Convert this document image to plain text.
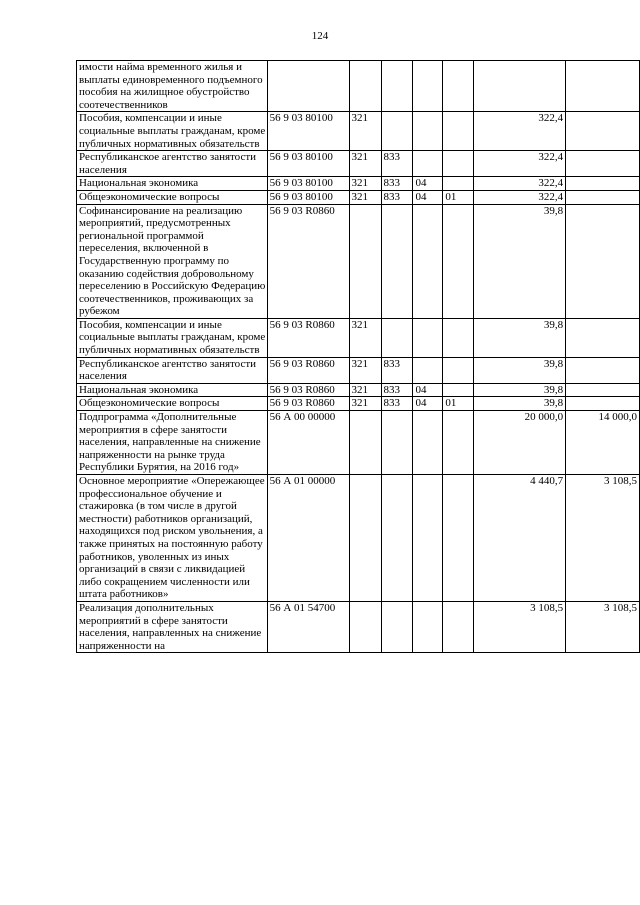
124
имости найма временного жилья и выплаты единовременного подъемного пособия на жилищное обустройство соотечественников							
Пособия, компенсации и иные социальные выплаты гражданам, кроме публичных нормативных обязательств	56 9 03 80100	321				322,4	
Республиканское агентство занятости населения	56 9 03 80100	321	833			322,4	
Национальная экономика	56 9 03 80100	321	833	04		322,4	
Общеэкономические вопросы	56 9 03 80100	321	833	04	01	322,4	
Софинансирование на реализацию мероприятий, предусмотренных региональной программой переселения, включенной в Государственную программу по оказанию содействия добровольному переселению в Российскую Федерацию соотечественников, проживающих за рубежом	56 9 03 R0860					39,8	
Пособия, компенсации и иные социальные выплаты гражданам, кроме публичных нормативных обязательств	56 9 03 R0860	321				39,8	
Республиканское агентство занятости населения	56 9 03 R0860	321	833			39,8	
Национальная экономика	56 9 03 R0860	321	833	04		39,8	
Общеэкономические вопросы	56 9 03 R0860	321	833	04	01	39,8	
Подпрограмма «Дополнительные мероприятия в сфере занятости населения, направленные на снижение напряженности на рынке труда Республики Бурятия, на 2016 год»	56 А 00 00000					20 000,0	14 000,0
Основное мероприятие «Опережающее профессиональное обучение и стажировка (в том числе в другой местности) работников организаций, находящихся под риском увольнения, а также принятых на постоянную работу работников, уволенных из иных организаций в связи с ликвидацией либо сокращением численности или штата работников»	56 А 01 00000					4 440,7	3 108,5
Реализация дополнительных мероприятий в сфере занятости населения, направленных на снижение напряженности на	56 А 01 54700					3 108,5	3 108,5
